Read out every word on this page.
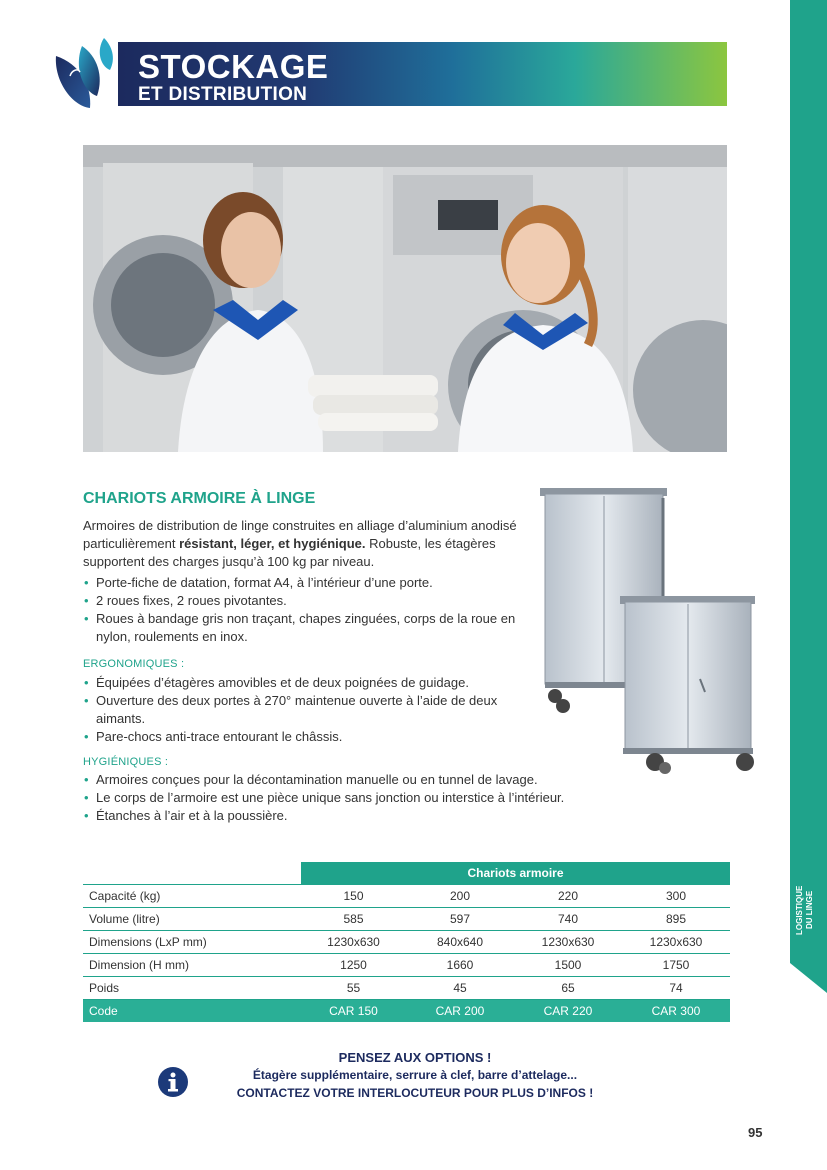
STOCKAGE
ET DISTRIBUTION
LOGISTIQUE
DU LINGE
CHARIOTS ARMOIRE À LINGE
Armoires de distribution de linge construites en alliage d’aluminium anodisé particulièrement résistant, léger, et hygiénique. Robuste, les étagères supportent des charges jusqu’à 100 kg par niveau.
• Porte-fiche de datation, format A4, à l’intérieur d’une porte.
• 2 roues fixes, 2 roues pivotantes.
• Roues à bandage gris non traçant, chapes zinguées, corps de la roue en nylon, roulements en inox.
ERGONOMIQUES :
• Équipées d’étagères amovibles et de deux poignées de guidage.
• Ouverture des deux portes à 270° maintenue ouverte à l’aide de deux aimants.
• Pare-chocs anti-trace entourant le châssis.
HYGIÉNIQUES :
• Armoires conçues pour la décontamination manuelle ou en tunnel de lavage.
• Le corps de l’armoire est une pièce unique sans jonction ou interstice à l’intérieur.
• Étanches à l’air et à la poussière.
	Chariots armoire			
Capacité (kg)	150	200	220	300
Volume (litre)	585	597	740	895
Dimensions (LxP mm)	1230x630	840x640	1230x630	1230x630
Dimension (H mm)	1250	1660	1500	1750
Poids	55	45	65	74
Code	CAR 150	CAR 200	CAR 220	CAR 300
PENSEZ AUX OPTIONS !
Étagère supplémentaire, serrure à clef, barre d’attelage...
CONTACTEZ VOTRE INTERLOCUTEUR POUR PLUS D’INFOS !
95
